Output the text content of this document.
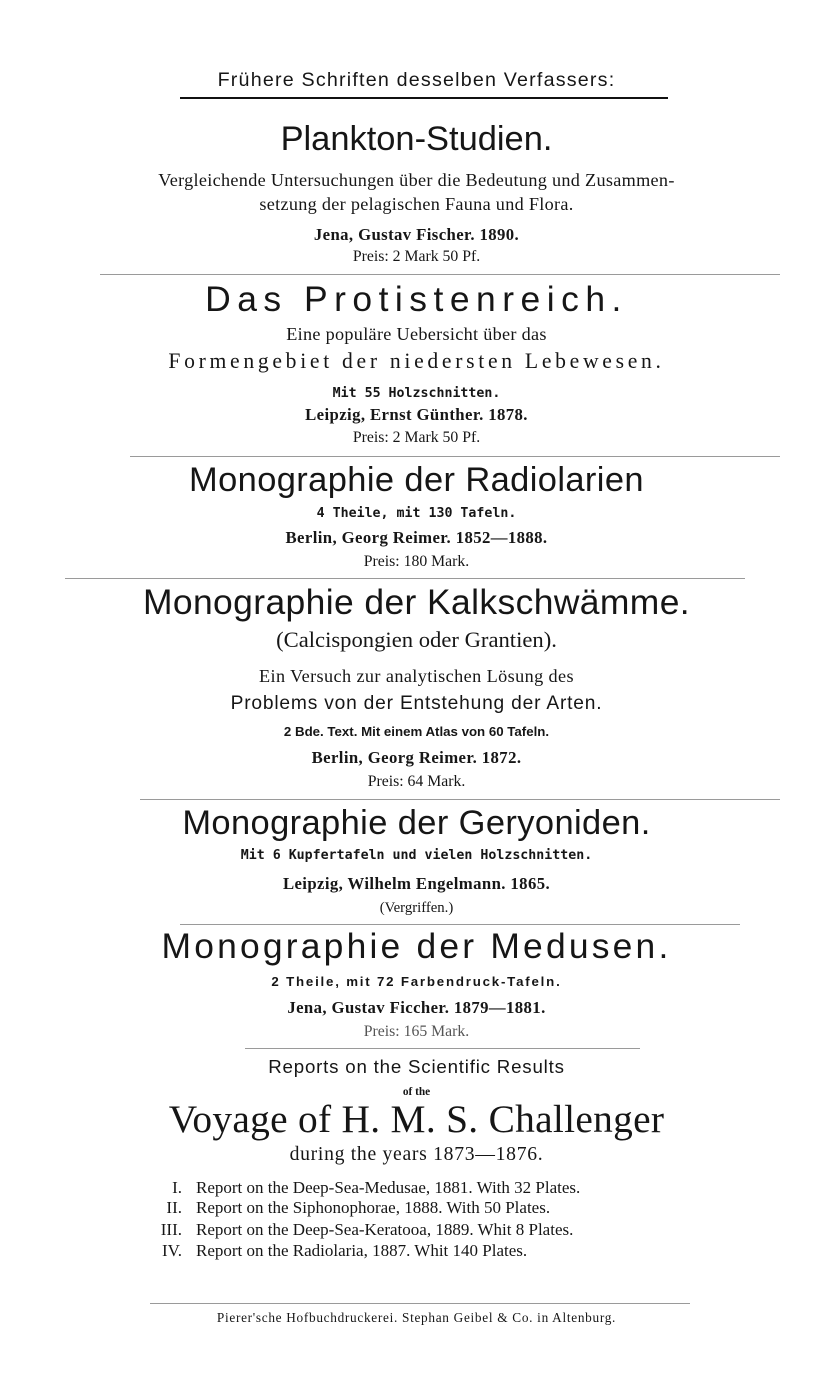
Frühere Schriften desselben Verfassers:
Plankton-Studien.
Vergleichende Untersuchungen über die Bedeutung und Zusammen-
setzung der pelagischen Fauna und Flora.
Jena, Gustav Fischer. 1890.
Preis: 2 Mark 50 Pf.
Das Protistenreich.
Eine populäre Uebersicht über das
Formengebiet der niedersten Lebewesen.
Mit 55 Holzschnitten.
Leipzig, Ernst Günther. 1878.
Preis: 2 Mark 50 Pf.
Monographie der Radiolarien
4 Theile, mit 130 Tafeln.
Berlin, Georg Reimer. 1852—1888.
Preis: 180 Mark.
Monographie der Kalkschwämme.
(Calcispongien oder Grantien).
Ein Versuch zur analytischen Lösung des
Problems von der Entstehung der Arten.
2 Bde. Text. Mit einem Atlas von 60 Tafeln.
Berlin, Georg Reimer. 1872.
Preis: 64 Mark.
Monographie der Geryoniden.
Mit 6 Kupfertafeln und vielen Holzschnitten.
Leipzig, Wilhelm Engelmann. 1865.
(Vergriffen.)
Monographie der Medusen.
2 Theile, mit 72 Farbendruck-Tafeln.
Jena, Gustav Ficcher. 1879—1881.
Preis: 165 Mark.
Reports on the Scientific Results
of the
Voyage of H. M. S. Challenger
during the years 1873—1876.
I. Report on the Deep-Sea-Medusae, 1881. With 32 Plates.
II. Report on the Siphonophorae, 1888. With 50 Plates.
III. Report on the Deep-Sea-Keratooa, 1889. Whit 8 Plates.
IV. Report on the Radiolaria, 1887. Whit 140 Plates.
Pierer'sche Hofbuchdruckerei. Stephan Geibel & Co. in Altenburg.
